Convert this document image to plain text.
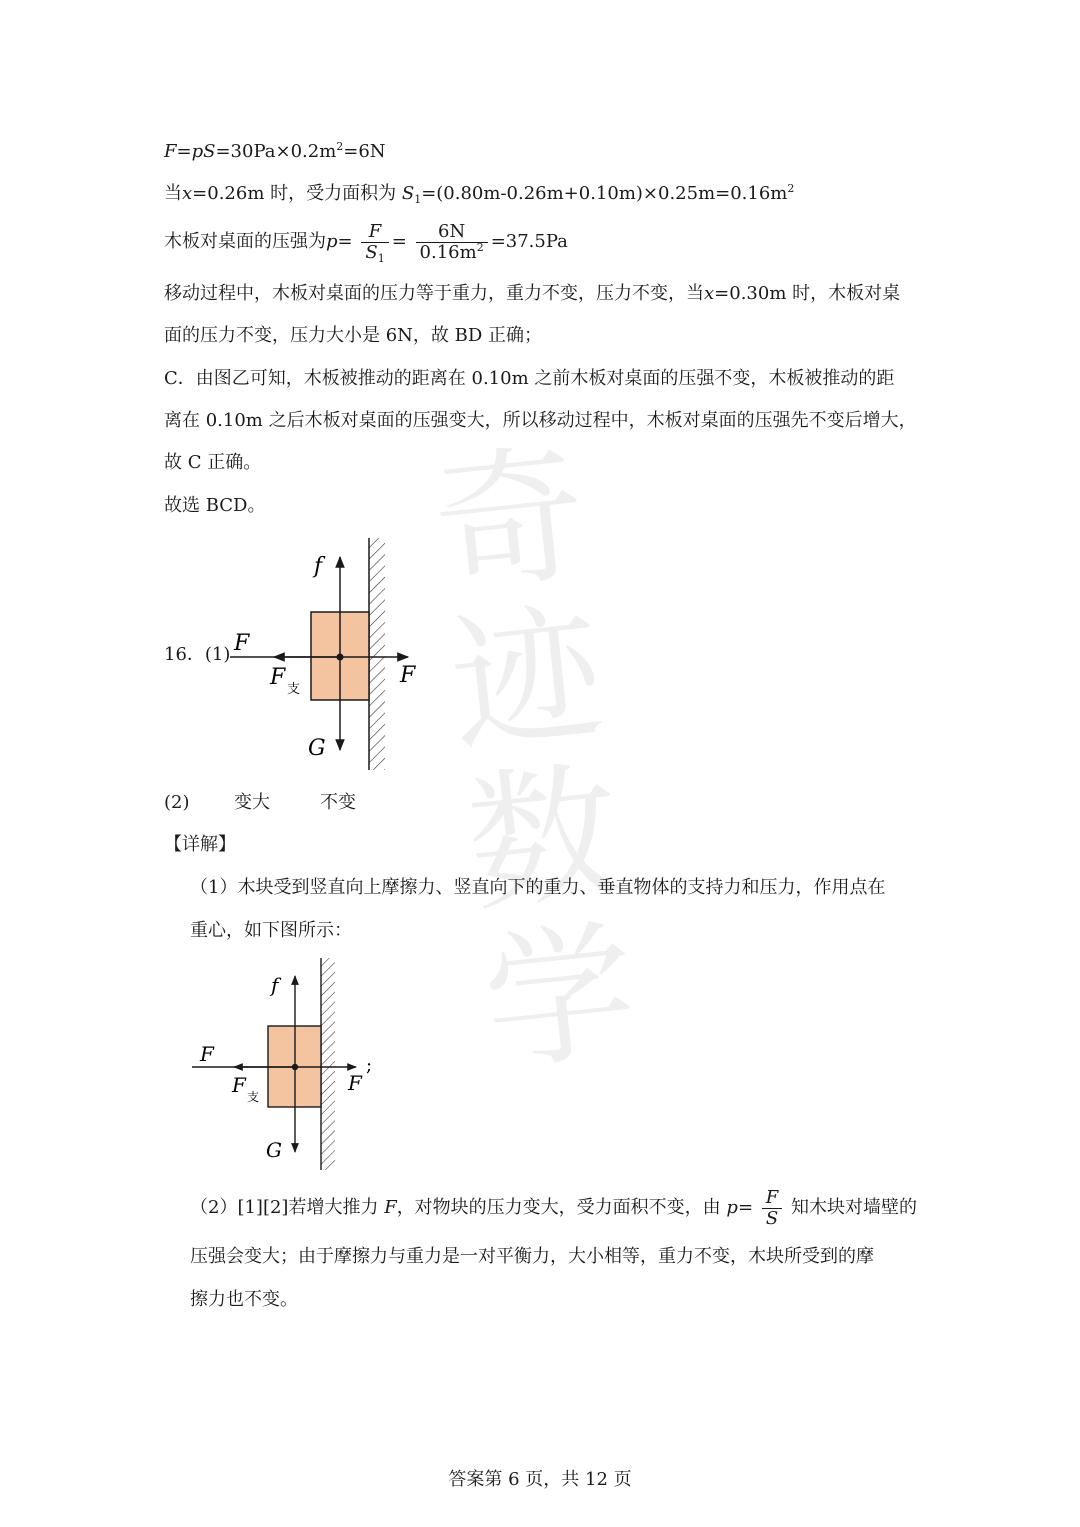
奇迹数学
$F=pS=30Pa\times 0.2m^2=6N$
当x=0.26m 时，受力面积为 $S_1=(0.80m-0.26m+0.10m)\times 0.25m=0.16m^2$
木板对桌面的压强为$p= \frac{F}{S_1} = \frac{6N}{0.16m^2} =37.5Pa$
移动过程中，木板对桌面的压力等于重力，重力不变，压力不变，当x=0.30m 时，木板对桌
面的压力不变，压力大小是 6N，故 BD 正确；
C．由图乙可知，木板被推动的距离在 0.10m 之前木板对桌面的压强不变，木板被推动的距
离在 0.10m 之后木板对桌面的压强变大，所以移动过程中，木板对桌面的压强先不变后增大，
故 C 正确。
故选 BCD。
16．(1)
f
F
F 支
F
G
(2) 变大	不变
【详解】
（1）木块受到竖直向上摩擦力、竖直向下的重力、垂直物体的支持力和压力，作用点在
重心，如下图所示：
f
F
F 支
F
G
;
（2）[1][2]若增大推力 F，对物块的压力变大，受力面积不变，由 $p= \frac{F}{S}$ 知木块对墙壁的
压强会变大；由于摩擦力与重力是一对平衡力，大小相等，重力不变，木块所受到的摩
擦力也不变。
答案第 6 页，共 12 页
